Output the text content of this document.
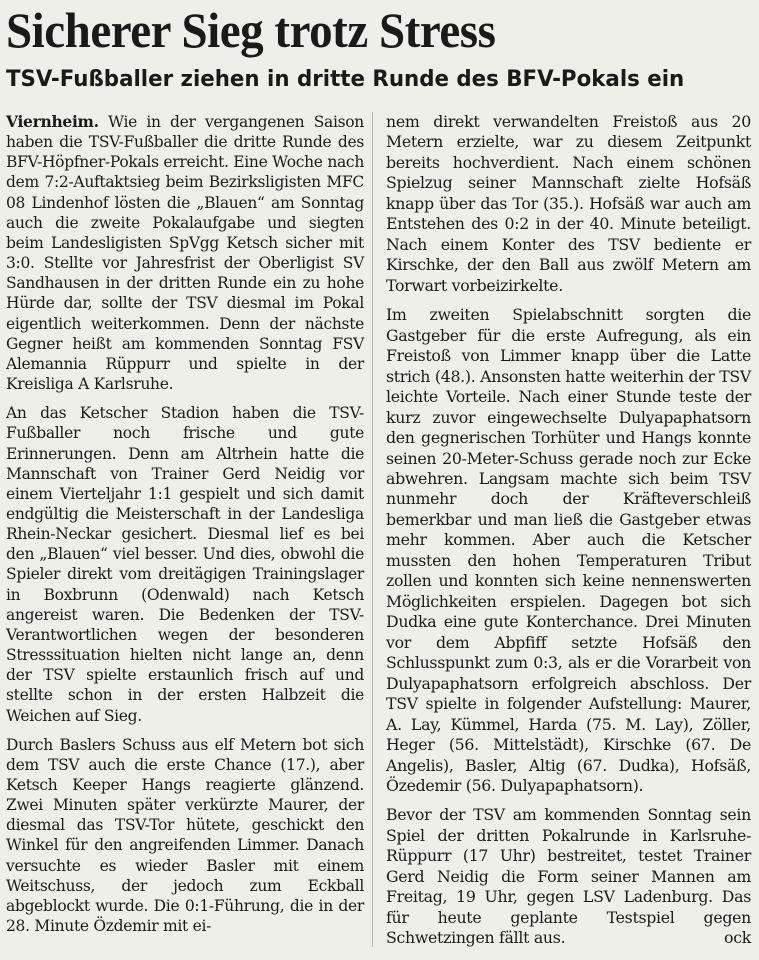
Sicherer Sieg trotz Stress
TSV-Fußballer ziehen in dritte Runde des BFV-Pokals ein

Viernheim. Wie in der vergangenen Saison haben die TSV-Fußballer die dritte Runde des BFV-Höpfner-Pokals erreicht. Eine Woche nach dem 7:2-Auftaktsieg beim Bezirksligisten MFC 08 Lindenhof lösten die „Blauen“ am Sonntag auch die zweite Pokalaufgabe und siegten beim Landesligisten SpVgg Ketsch sicher mit 3:0. Stellte vor Jahresfrist der Oberligist SV Sandhausen in der dritten Runde ein zu hohe Hürde dar, sollte der TSV diesmal im Pokal eigentlich weiterkommen. Denn der nächste Gegner heißt am kommenden Sonntag FSV Alemannia Rüppurr und spielte in der Kreisliga A Karlsruhe.

An das Ketscher Stadion haben die TSV-Fußballer noch frische und gute Erinnerungen. Denn am Altrhein hatte die Mannschaft von Trainer Gerd Neidig vor einem Vierteljahr 1:1 gespielt und sich damit endgültig die Meisterschaft in der Landesliga Rhein-Neckar gesichert. Diesmal lief es bei den „Blauen“ viel besser. Und dies, obwohl die Spieler direkt vom dreitägigen Trainingslager in Boxbrunn (Odenwald) nach Ketsch angereist waren. Die Bedenken der TSV-Verantwortlichen wegen der besonderen Stresssituation hielten nicht lange an, denn der TSV spielte erstaunlich frisch auf und stellte schon in der ersten Halbzeit die Weichen auf Sieg.

Durch Baslers Schuss aus elf Metern bot sich dem TSV auch die erste Chance (17.), aber Ketsch Keeper Hangs reagierte glänzend. Zwei Minuten später verkürzte Maurer, der diesmal das TSV-Tor hütete, geschickt den Winkel für den angreifenden Limmer. Danach versuchte es wieder Basler mit einem Weitschuss, der jedoch zum Eckball abgeblockt wurde. Die 0:1-Führung, die in der 28. Minute Özdemir mit ei-

nem direkt verwandelten Freistoß aus 20 Metern erzielte, war zu diesem Zeitpunkt bereits hochverdient. Nach einem schönen Spielzug seiner Mannschaft zielte Hofsäß knapp über das Tor (35.). Hofsäß war auch am Entstehen des 0:2 in der 40. Minute beteiligt. Nach einem Konter des TSV bediente er Kirschke, der den Ball aus zwölf Metern am Torwart vorbeizirkelte.

Im zweiten Spielabschnitt sorgten die Gastgeber für die erste Aufregung, als ein Freistoß von Limmer knapp über die Latte strich (48.). Ansonsten hatte weiterhin der TSV leichte Vorteile. Nach einer Stunde teste der kurz zuvor eingewechselte Dulyapaphatsorn den gegnerischen Torhüter und Hangs konnte seinen 20-Meter-Schuss gerade noch zur Ecke abwehren. Langsam machte sich beim TSV nunmehr doch der Kräfteverschleiß bemerkbar und man ließ die Gastgeber etwas mehr kommen. Aber auch die Ketscher mussten den hohen Temperaturen Tribut zollen und konnten sich keine nennenswerten Möglichkeiten erspielen. Dagegen bot sich Dudka eine gute Konterchance. Drei Minuten vor dem Abpfiff setzte Hofsäß den Schlusspunkt zum 0:3, als er die Vorarbeit von Dulyapaphatsorn erfolgreich abschloss. Der TSV spielte in folgender Aufstellung: Maurer, A. Lay, Kümmel, Harda (75. M. Lay), Zöller, Heger (56. Mittelstädt), Kirschke (67. De Angelis), Basler, Altig (67. Dudka), Hofsäß, Özedemir (56. Dulyapaphatsorn).

Bevor der TSV am kommenden Sonntag sein Spiel der dritten Pokalrunde in Karlsruhe-Rüppurr (17 Uhr) bestreitet, testet Trainer Gerd Neidig die Form seiner Mannen am Freitag, 19 Uhr, gegen LSV Ladenburg. Das für heute geplante Testspiel gegen Schwetzingen fällt aus.	ock
